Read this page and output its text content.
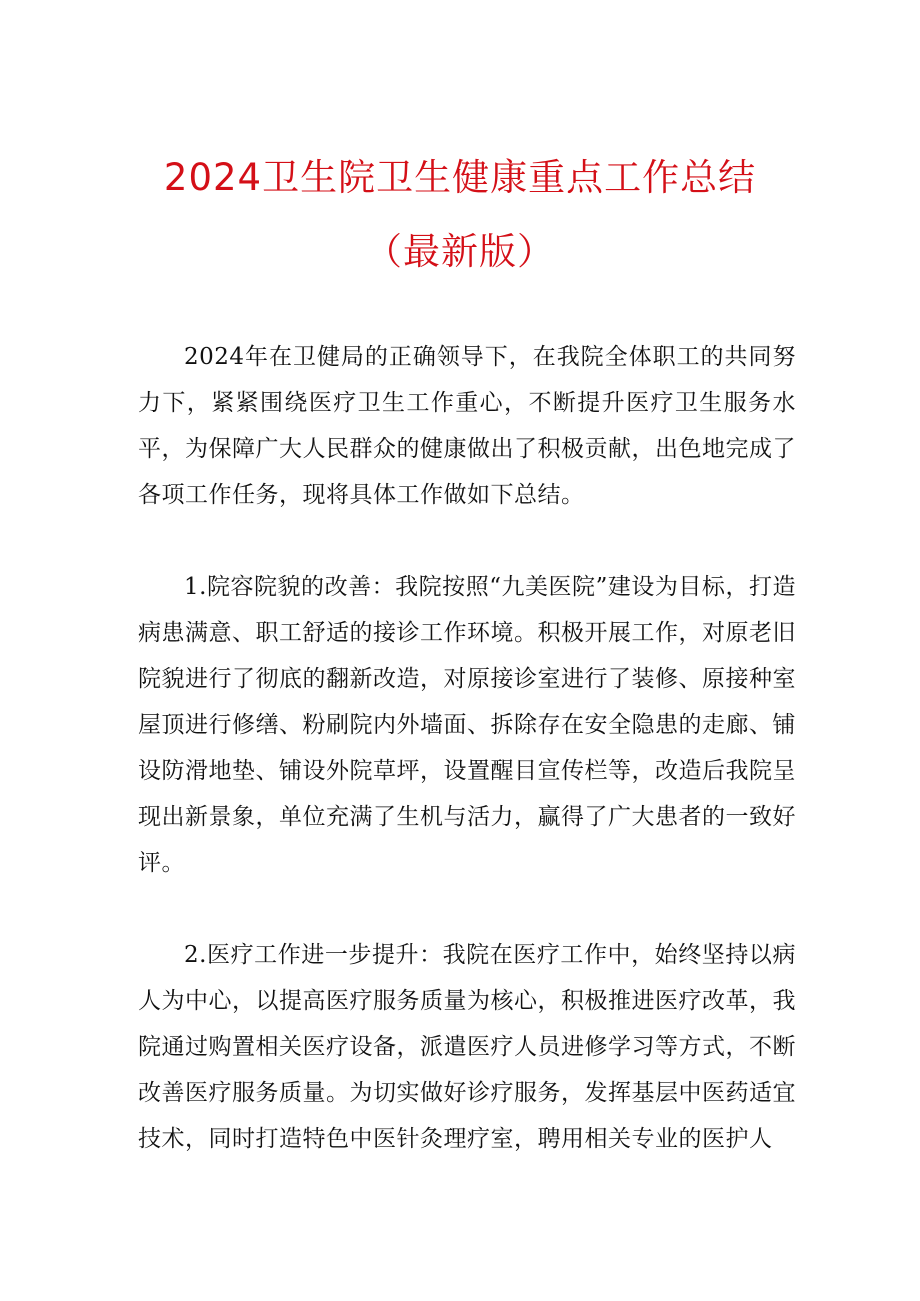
2024卫生院卫生健康重点工作总结
（最新版）

2024年在卫健局的正确领导下，在我院全体职工的共同努力下，紧紧围绕医疗卫生工作重心，不断提升医疗卫生服务水平，为保障广大人民群众的健康做出了积极贡献，出色地完成了各项工作任务，现将具体工作做如下总结。

1.院容院貌的改善：我院按照“九美医院”建设为目标，打造病患满意、职工舒适的接诊工作环境。积极开展工作，对原老旧院貌进行了彻底的翻新改造，对原接诊室进行了装修、原接种室屋顶进行修缮、粉刷院内外墙面、拆除存在安全隐患的走廊、铺设防滑地垫、铺设外院草坪，设置醒目宣传栏等，改造后我院呈现出新景象，单位充满了生机与活力，赢得了广大患者的一致好评。

2.医疗工作进一步提升：我院在医疗工作中，始终坚持以病人为中心，以提高医疗服务质量为核心，积极推进医疗改革，我院通过购置相关医疗设备，派遣医疗人员进修学习等方式，不断改善医疗服务质量。为切实做好诊疗服务，发挥基层中医药适宜技术，同时打造特色中医针灸理疗室，聘用相关专业的医护人
